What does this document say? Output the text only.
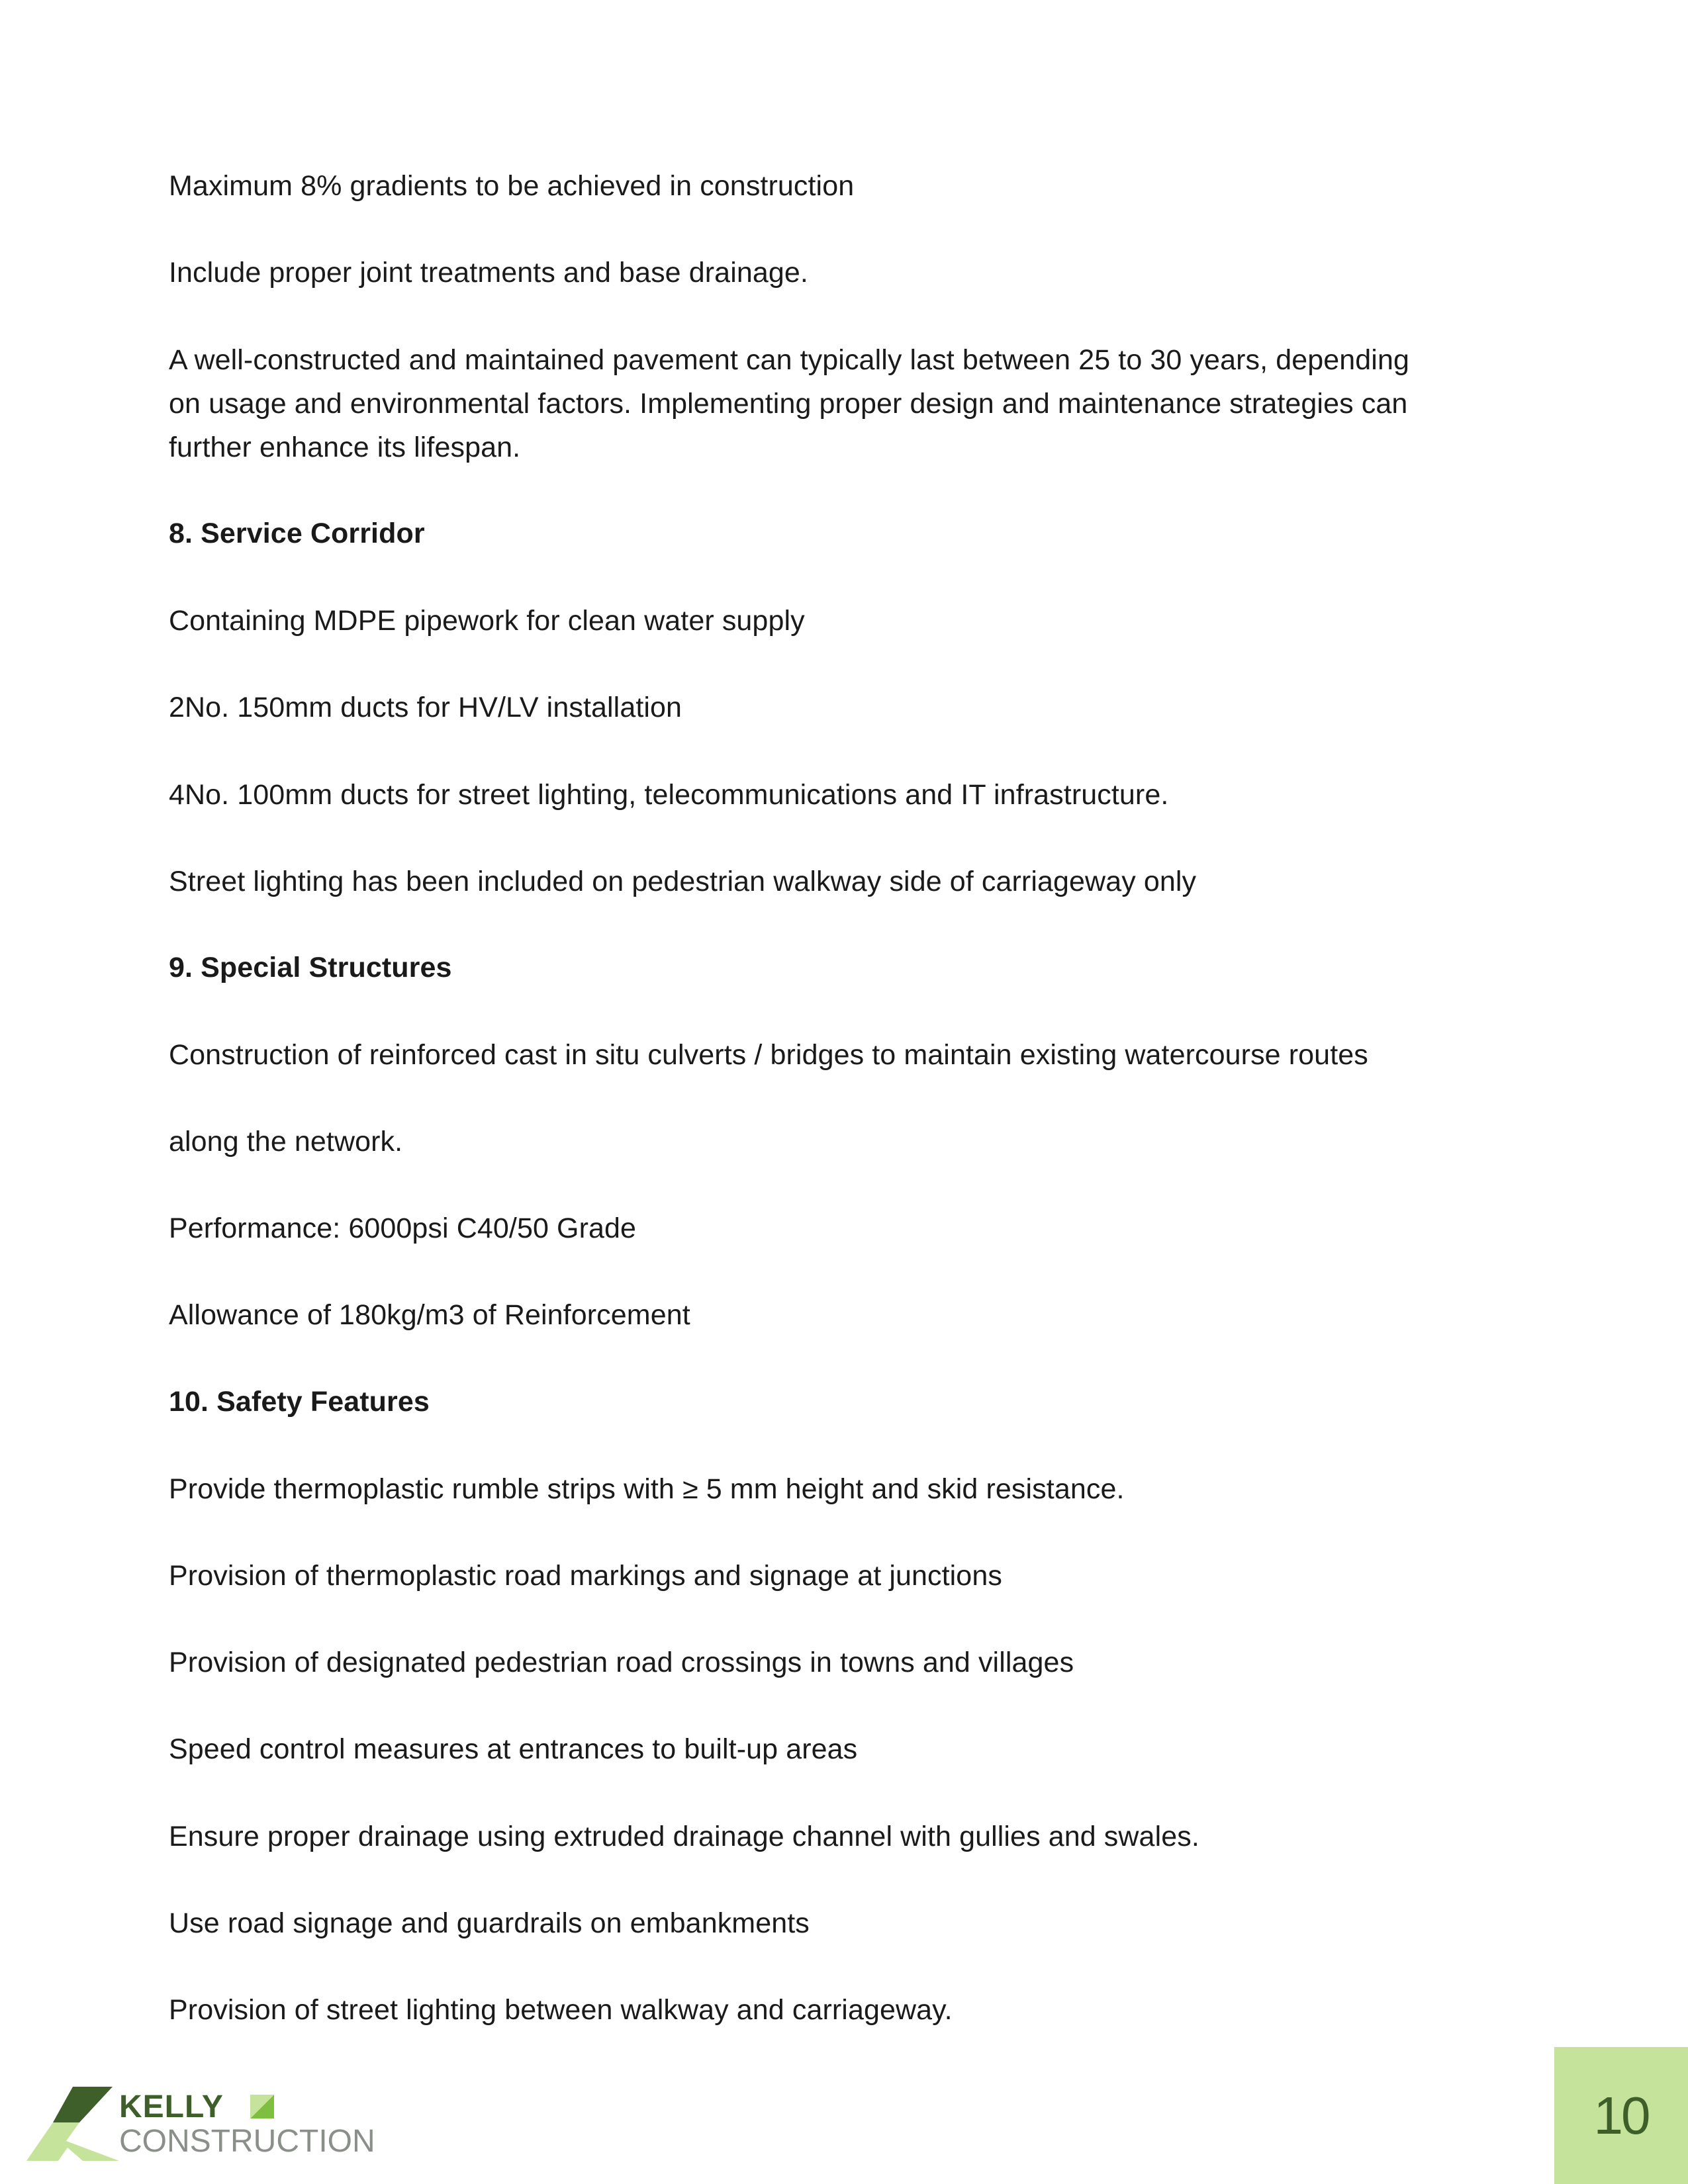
Maximum 8% gradients to be achieved in construction

Include proper joint treatments and base drainage.

A well-constructed and maintained pavement can typically last between 25 to 30 years, depending

on usage and environmental factors. Implementing proper design and maintenance strategies can

further enhance its lifespan.

8. Service Corridor

Containing MDPE pipework for clean water supply

2No. 150mm ducts for HV/LV installation

4No. 100mm ducts for street lighting, telecommunications and IT infrastructure.

Street lighting has been included on pedestrian walkway side of carriageway only

9. Special Structures

Construction of reinforced cast in situ culverts / bridges to maintain existing watercourse routes

along the network.

Performance: 6000psi C40/50 Grade

Allowance of 180kg/m3 of Reinforcement

10. Safety Features

Provide thermoplastic rumble strips with ≥ 5 mm height and skid resistance.

Provision of thermoplastic road markings and signage at junctions

Provision of designated pedestrian road crossings in towns and villages

Speed control measures at entrances to built-up areas

Ensure proper drainage using extruded drainage channel with gullies and swales.

Use road signage and guardrails on embankments

Provision of street lighting between walkway and carriageway.

KELLY
CONSTRUCTION	10
